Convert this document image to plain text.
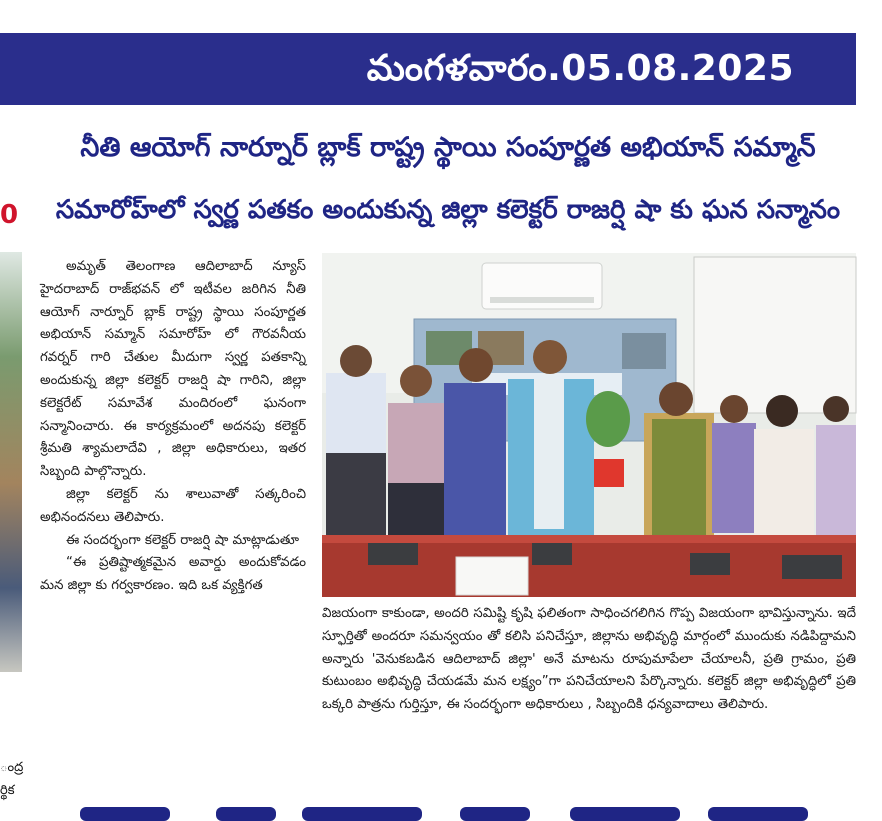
0
ంద్ర
ర్థిక
మంగళవారం.05.08.2025
నీతి ఆయోగ్ నార్నూర్ బ్లాక్ రాష్ట్ర స్థాయి సంపూర్ణత అభియాన్ సమ్మాన్
సమారోహ్‌లో స్వర్ణ పతకం అందుకున్న జిల్లా కలెక్టర్ రాజర్షి షా కు ఘన సన్మానం

అమృత్ తెలంగాణ ఆదిలాబాద్ న్యూస్ హైదరాబాద్ రాజ్‌భవన్ లో ఇటీవల జరిగిన నీతి ఆయోగ్ నార్నూర్ బ్లాక్ రాష్ట్ర స్థాయి సంపూర్ణత అభియాన్ సమ్మాన్ సమారోహ్ లో గౌరవనీయ గవర్నర్ గారి చేతుల మీదుగా స్వర్ణ పతకాన్ని అందుకున్న జిల్లా కలెక్టర్ రాజర్షి షా గారిని, జిల్లా కలెక్టరేట్ సమావేశ మందిరంలో ఘనంగా సన్మానించారు. ఈ కార్యక్రమంలో అదనపు కలెక్టర్ శ్రీమతి శ్యామలాదేవి , జిల్లా అధికారులు, ఇతర సిబ్బంది పాల్గొన్నారు.

జిల్లా కలెక్టర్ ను శాలువాతో సత్కరించి అభినందనలు తెలిపారు.

ఈ సందర్భంగా కలెక్టర్ రాజర్షి షా మాట్లాడుతూ

“ఈ ప్రతిష్టాత్మకమైన అవార్డు అందుకోవడం మన జిల్లా కు గర్వకారణం. ఇది ఒక వ్యక్తిగత

విజయంగా కాకుండా, అందరి సమిష్టి కృషి ఫలితంగా సాధించగలిగిన గొప్ప విజయంగా భావిస్తున్నాను. ఇదే స్ఫూర్తితో అందరూ సమన్వయం తో కలిసి పనిచేస్తూ, జిల్లాను అభివృద్ధి మార్గంలో ముందుకు నడిపిద్దామని అన్నారు 'వెనుకబడిన ఆదిలాబాద్ జిల్లా' అనే మాటను రూపుమాపేలా చేయాలనీ, ప్రతి గ్రామం, ప్రతి కుటుంబం అభివృద్ధి చేయడమే మన లక్ష్యం”గా పనిచేయాలని పేర్కొన్నారు. కలెక్టర్ జిల్లా అభివృద్ధిలో ప్రతి ఒక్కరి పాత్రను గుర్తిస్తూ, ఈ సందర్భంగా అధికారులు , సిబ్బందికి ధన్యవాదాలు తెలిపారు.
